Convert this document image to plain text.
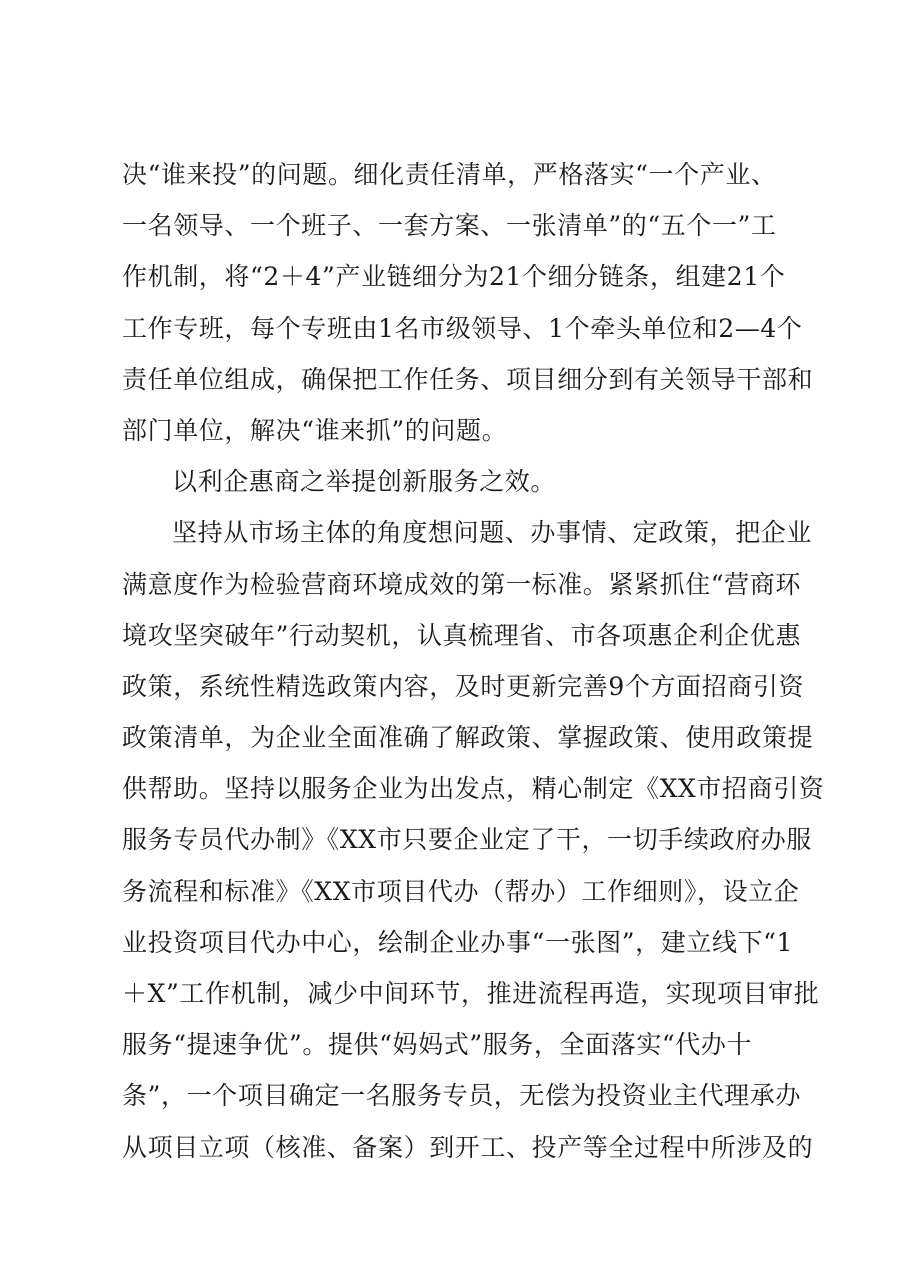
决“谁来投”的问题。细化责任清单，严格落实“一个产业、
一名领导、一个班子、一套方案、一张清单”的“五个一”工
作机制，将“2＋4”产业链细分为21个细分链条，组建21个
工作专班，每个专班由1名市级领导、1个牵头单位和2—4个
责任单位组成，确保把工作任务、项目细分到有关领导干部和
部门单位，解决“谁来抓”的问题。
以利企惠商之举提创新服务之效。
坚持从市场主体的角度想问题、办事情、定政策，把企业
满意度作为检验营商环境成效的第一标准。紧紧抓住“营商环
境攻坚突破年”行动契机，认真梳理省、市各项惠企利企优惠
政策，系统性精选政策内容，及时更新完善9个方面招商引资
政策清单，为企业全面准确了解政策、掌握政策、使用政策提
供帮助。坚持以服务企业为出发点，精心制定《XX市招商引资
服务专员代办制》《XX市只要企业定了干，一切手续政府办服
务流程和标准》《XX市项目代办（帮办）工作细则》，设立企
业投资项目代办中心，绘制企业办事“一张图”，建立线下“1
＋X”工作机制，减少中间环节，推进流程再造，实现项目审批
服务“提速争优”。提供“妈妈式”服务，全面落实“代办十
条”，一个项目确定一名服务专员，无偿为投资业主代理承办
从项目立项（核准、备案）到开工、投产等全过程中所涉及的
